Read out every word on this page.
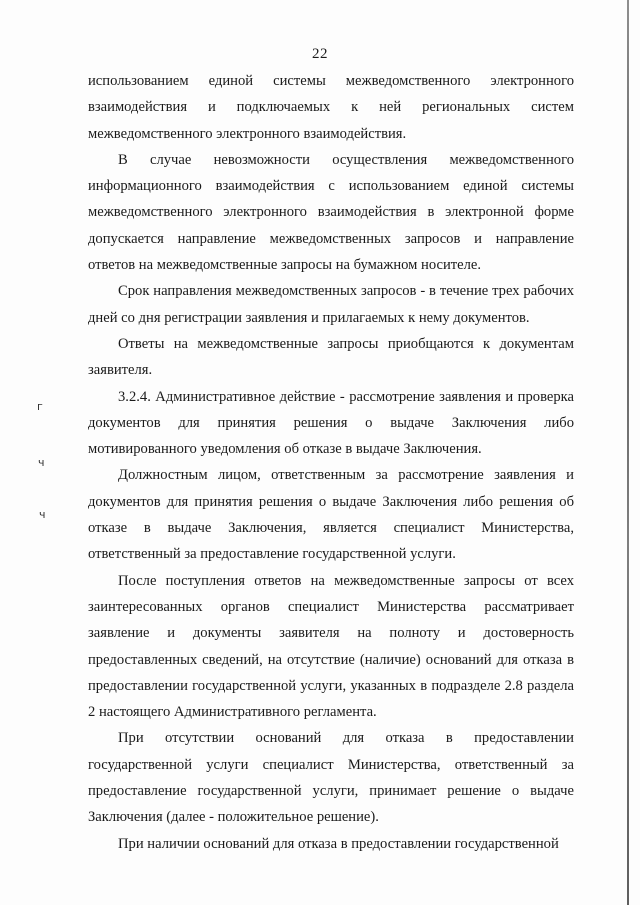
22

использованием единой системы межведомственного электронного взаимодействия и подключаемых к ней региональных систем межведомственного электронного взаимодействия.

В случае невозможности осуществления межведомственного информационного взаимодействия с использованием единой системы межведомственного электронного взаимодействия в электронной форме допускается направление межведомственных запросов и направление ответов на межведомственные запросы на бумажном носителе.

Срок направления межведомственных запросов - в течение трех рабочих дней со дня регистрации заявления и прилагаемых к нему документов.

Ответы на межведомственные запросы приобщаются к документам заявителя.

3.2.4. Административное действие - рассмотрение заявления и проверка документов для принятия решения о выдаче Заключения либо мотивированного уведомления об отказе в выдаче Заключения.

Должностным лицом, ответственным за рассмотрение заявления и документов для принятия решения о выдаче Заключения либо решения об отказе в выдаче Заключения, является специалист Министерства, ответственный за предоставление государственной услуги.

После поступления ответов на межведомственные запросы от всех заинтересованных органов специалист Министерства рассматривает заявление и документы заявителя на полноту и достоверность предоставленных сведений, на отсутствие (наличие) оснований для отказа в предоставлении государственной услуги, указанных в подразделе 2.8 раздела 2 настоящего Административного регламента.

При отсутствии оснований для отказа в предоставлении государственной услуги специалист Министерства, ответственный за предоставление государственной услуги, принимает решение о выдаче Заключения (далее - положительное решение).

При наличии оснований для отказа в предоставлении государственной

г
ч
ч
